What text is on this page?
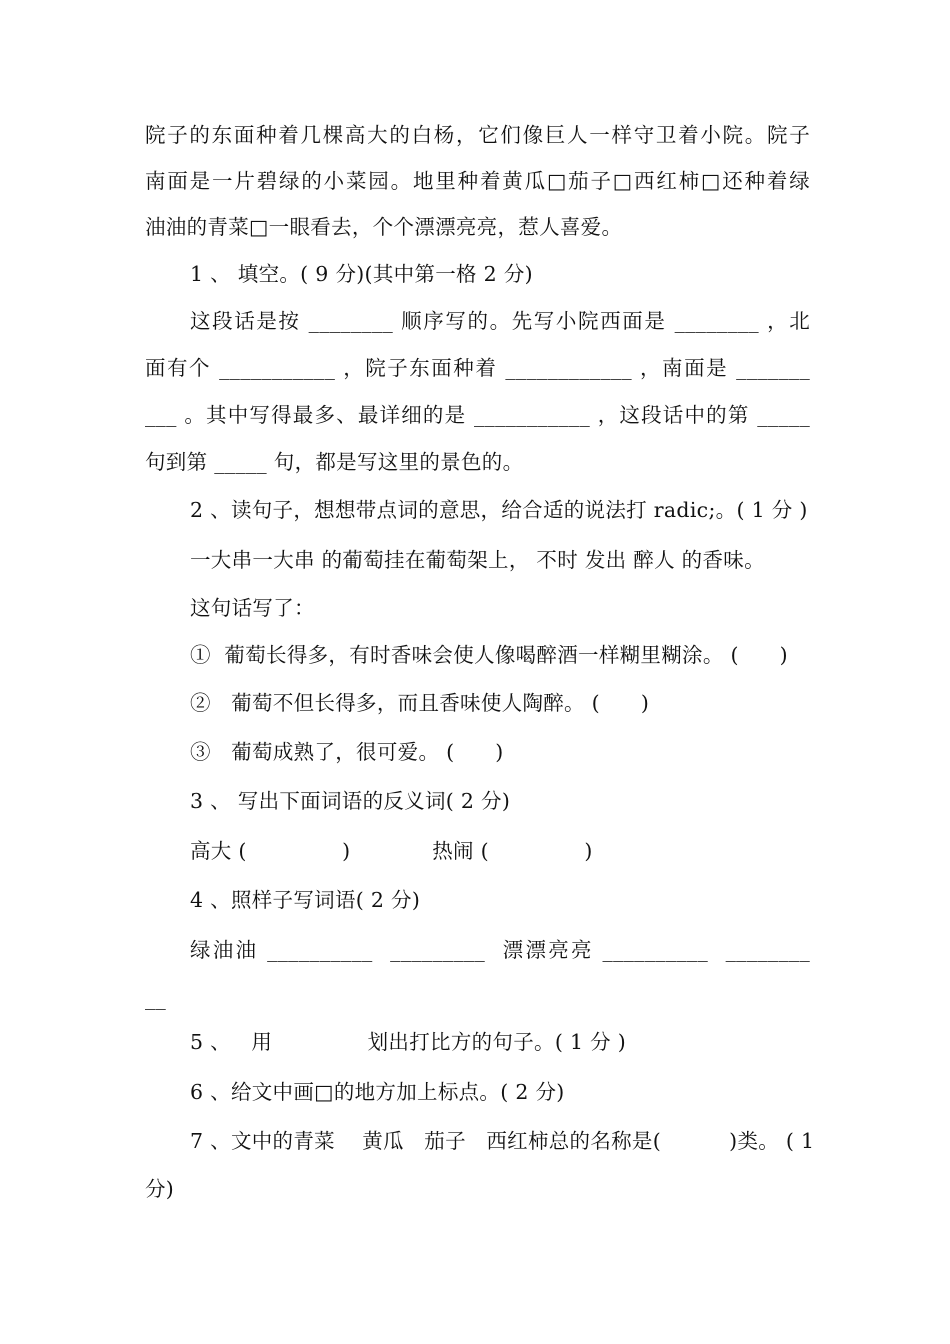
院子的东面种着几棵高大的白杨，它们像巨人一样守卫着小院。院子
南面是一片碧绿的小菜园。地里种着黄瓜□茄子□西红柿□还种着绿
油油的青菜□一眼看去，个个漂漂亮亮，惹人喜爱。
1 、 填空。( 9 分)(其中第一格 2 分)
这段话是按 ________ 顺序写的。先写小院西面是 ________ ，北
面有个 ___________ ，院子东面种着 ____________ ，南面是 _______
___ 。其中写得最多、最详细的是 ___________ ，这段话中的第 _____
句到第 _____ 句，都是写这里的景色的。
2 、读句子，想想带点词的意思，给合适的说法打 radic;。( 1 分 )
一大串一大串 的葡萄挂在葡萄架上， 不时 发出 醉人 的香味。
这句话写了：
①  葡萄长得多，有时香味会使人像喝醉酒一样糊里糊涂。 (      )
②   葡萄不但长得多，而且香味使人陶醉。 (      )
③   葡萄成熟了，很可爱。 (      )
3 、 写出下面词语的反义词( 2 分)
高大 (              )            热闹 (              )
4 、照样子写词语( 2 分)
绿油油 __________  _________  漂漂亮亮 __________  ________
__
5 、   用              划出打比方的句子。( 1 分 )
6 、给文中画□的地方加上标点。( 2 分)
7 、文中的青菜    黄瓜   茄子   西红柿总的名称是(          )类。 ( 1
分)
